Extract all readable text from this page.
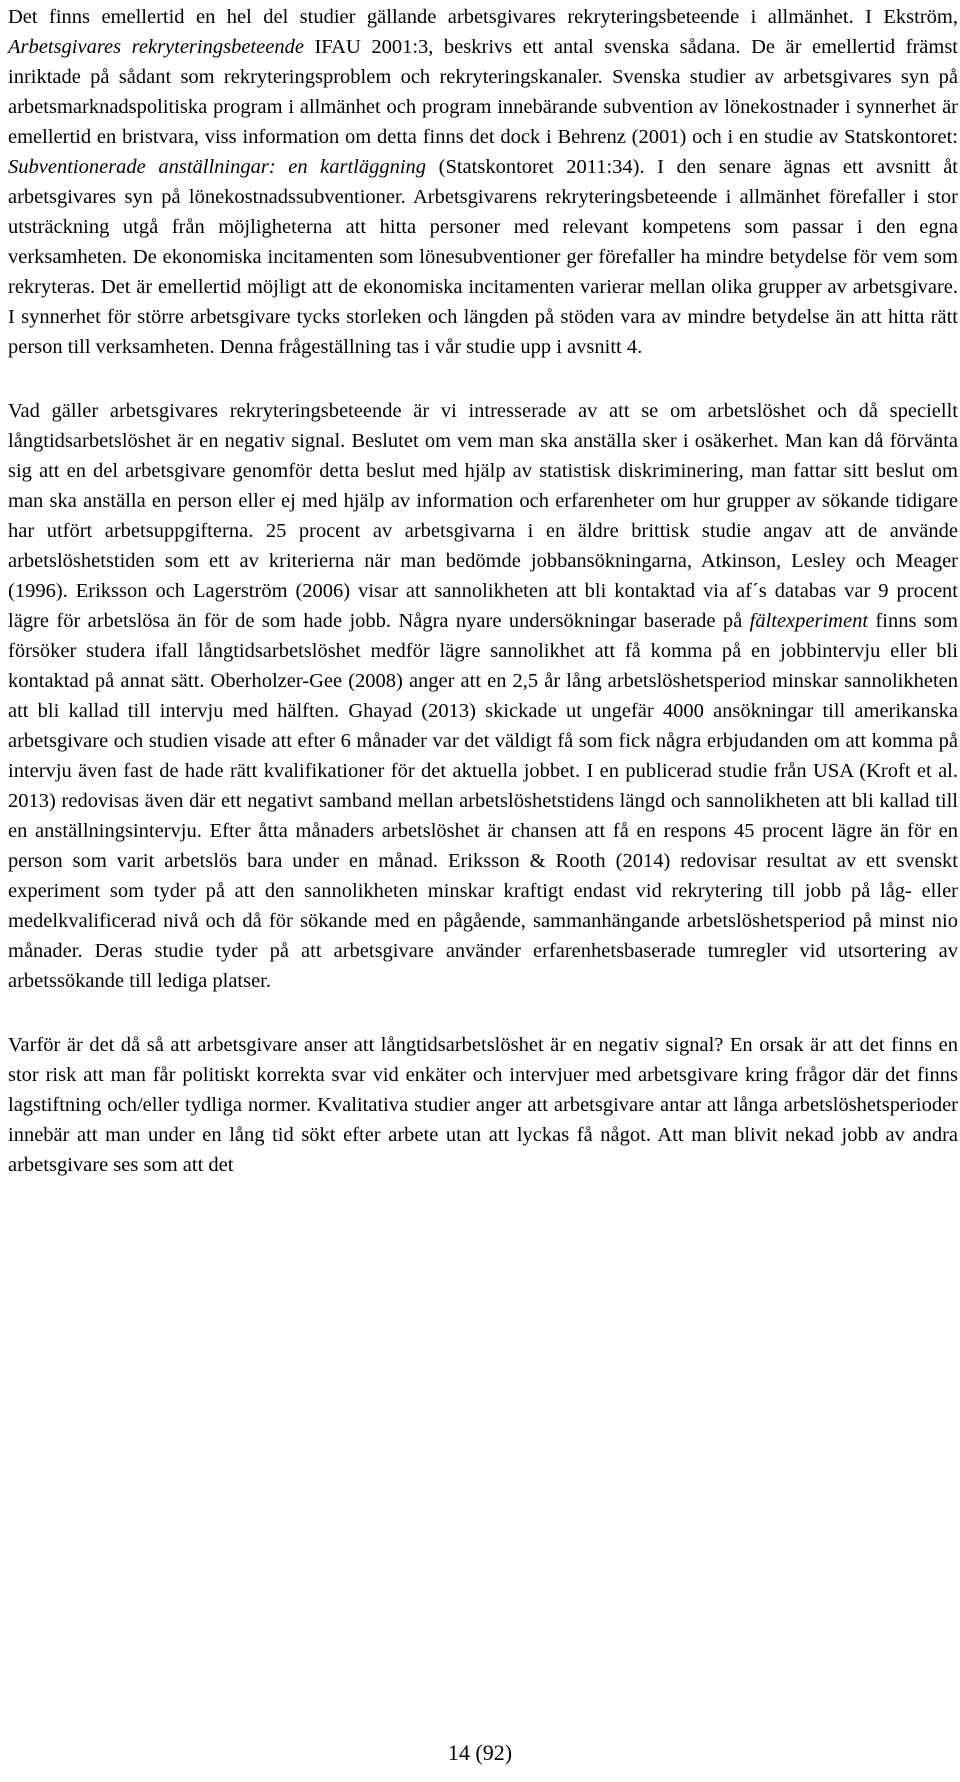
Det finns emellertid en hel del studier gällande arbetsgivares rekryteringsbeteende i allmänhet. I Ekström, Arbetsgivares rekryteringsbeteende IFAU 2001:3, beskrivs ett antal svenska sådana. De är emellertid främst inriktade på sådant som rekryteringsproblem och rekryteringskanaler. Svenska studier av arbetsgivares syn på arbetsmarknadspolitiska program i allmänhet och program innebärande subvention av lönekostnader i synnerhet är emellertid en bristvara, viss information om detta finns det dock i Behrenz (2001) och i en studie av Statskontoret: Subventionerade anställningar: en kartläggning (Statskontoret 2011:34). I den senare ägnas ett avsnitt åt arbetsgivares syn på lönekostnadssubventioner. Arbetsgivarens rekryteringsbeteende i allmänhet förefaller i stor utsträckning utgå från möjligheterna att hitta personer med relevant kompetens som passar i den egna verksamheten. De ekonomiska incitamenten som lönesubventioner ger förefaller ha mindre betydelse för vem som rekryteras. Det är emellertid möjligt att de ekonomiska incitamenten varierar mellan olika grupper av arbetsgivare. I synnerhet för större arbetsgivare tycks storleken och längden på stöden vara av mindre betydelse än att hitta rätt person till verksamheten. Denna frågeställning tas i vår studie upp i avsnitt 4.

Vad gäller arbetsgivares rekryteringsbeteende är vi intresserade av att se om arbetslöshet och då speciellt långtidsarbetslöshet är en negativ signal. Beslutet om vem man ska anställa sker i osäkerhet. Man kan då förvänta sig att en del arbetsgivare genomför detta beslut med hjälp av statistisk diskriminering, man fattar sitt beslut om man ska anställa en person eller ej med hjälp av information och erfarenheter om hur grupper av sökande tidigare har utfört arbetsuppgifterna. 25 procent av arbetsgivarna i en äldre brittisk studie angav att de använde arbetslöshetstiden som ett av kriterierna när man bedömde jobbansökningarna, Atkinson, Lesley och Meager (1996). Eriksson och Lagerström (2006) visar att sannolikheten att bli kontaktad via af´s databas var 9 procent lägre för arbetslösa än för de som hade jobb. Några nyare undersökningar baserade på fältexperiment finns som försöker studera ifall långtidsarbetslöshet medför lägre sannolikhet att få komma på en jobbintervju eller bli kontaktad på annat sätt. Oberholzer-Gee (2008) anger att en 2,5 år lång arbetslöshetsperiod minskar sannolikheten att bli kallad till intervju med hälften. Ghayad (2013) skickade ut ungefär 4000 ansökningar till amerikanska arbetsgivare och studien visade att efter 6 månader var det väldigt få som fick några erbjudanden om att komma på intervju även fast de hade rätt kvalifikationer för det aktuella jobbet. I en publicerad studie från USA (Kroft et al. 2013) redovisas även där ett negativt samband mellan arbetslöshetstidens längd och sannolikheten att bli kallad till en anställningsintervju. Efter åtta månaders arbetslöshet är chansen att få en respons 45 procent lägre än för en person som varit arbetslös bara under en månad. Eriksson & Rooth (2014) redovisar resultat av ett svenskt experiment som tyder på att den sannolikheten minskar kraftigt endast vid rekrytering till jobb på låg- eller medelkvalificerad nivå och då för sökande med en pågående, sammanhängande arbetslöshetsperiod på minst nio månader. Deras studie tyder på att arbetsgivare använder erfarenhetsbaserade tumregler vid utsortering av arbetssökande till lediga platser.

Varför är det då så att arbetsgivare anser att långtidsarbetslöshet är en negativ signal? En orsak är att det finns en stor risk att man får politiskt korrekta svar vid enkäter och intervjuer med arbetsgivare kring frågor där det finns lagstiftning och/eller tydliga normer. Kvalitativa studier anger att arbetsgivare antar att långa arbetslöshetsperioder innebär att man under en lång tid sökt efter arbete utan att lyckas få något. Att man blivit nekad jobb av andra arbetsgivare ses som att det

14 (92)
